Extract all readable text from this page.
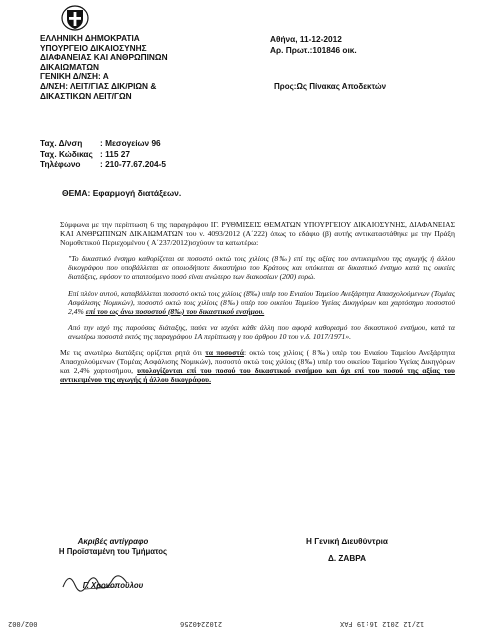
ΕΛΛΗΝΙΚΗ ΔΗΜΟΚΡΑΤΙΑ
ΥΠΟΥΡΓΕΙΟ ΔΙΚΑΙΟΣΥΝΗΣ
ΔΙΑΦΑΝΕΙΑΣ ΚΑΙ ΑΝΘΡΩΠΙΝΩΝ
ΔΙΚΑΙΩΜΑΤΩΝ
ΓΕΝΙΚΗ Δ/ΝΣΗ: Α
Δ/ΝΣΗ: ΛΕΙΤ/ΓΙΑΣ ΔΙΚ/ΡΙΩΝ &
ΔΙΚΑΣΤΙΚΩΝ ΛΕΙΤ/ΓΩΝ
Ταχ. Δ/νση	: Μεσογείων 96
Ταχ. Κώδικας : 115 27
Τηλέφωνο	: 210-77.67.204-5
Αθήνα, 11-12-2012
Αρ. Πρωτ.:101846 οικ.
Προς:Ως Πίνακας Αποδεκτών
ΘΕΜΑ: Εφαρμογή διατάξεων.

Σύμφωνα με την περίπτωση 6 της παραγράφου ΙΓ. ΡΥΘΜΙΣΕΙΣ ΘΕΜΑΤΩΝ ΥΠΟΥΡΓΕΙΟΥ ΔΙΚΑΙΟΣΥΝΗΣ, ΔΙΑΦΑΝΕΙΑΣ ΚΑΙ ΑΝΘΡΩΠΙΝΩΝ ΔΙΚΑΙΩΜΑΤΩΝ του ν. 4093/2012 (Α΄222) όπως το εδάφιο (β) αυτής αντικαταστάθηκε με την Πράξη Νομοθετικού Περιεχομένου ( Α΄237/2012)ισχύουν τα κατωτέρω:

"Το δικαστικό ένσημο καθορίζεται σε ποσοστό οκτώ τοις χιλίοις (8‰) επί της αξίας του αντικειμένου της αγωγής ή άλλου δικογράφου που υποβάλλεται σε οποιοδήποτε δικαστήριο του Κράτους και υπόκειται σε δικαστικό ένσημο κατά τις οικείες διατάξεις, εφόσον το απαιτούμενο ποσό είναι ανώτερο των διακοσίων (200) ευρώ.

Επί πλέον αυτού, καταβάλλεται ποσοστό οκτώ τοις χιλίοις (8‰) υπέρ του Ενιαίου Ταμείου Ανεξάρτητα Απασχολούμενων (Τομέας Ασφάλισης Νομικών), ποσοστό οκτώ τοις χιλίοις (8‰) υπέρ του οικείου Ταμείου Υγείας Δικηγόρων και χαρτόσημο ποσοστού 2,4% επί του ως άνω ποσοστού (8‰) του δικαστικού ενσήμου.

Από την ισχύ της παρούσας διάταξης, παύει να ισχύει κάθε άλλη που αφορά καθορισμό του δικαστικού ενσήμου, κατά τα ανωτέρω ποσοστά εκτός της παραγράφου 1Α περίπτωση γ του άρθρου 10 του ν.δ. 1017/1971».

Με τις ανωτέρω διατάξεις ορίζεται ρητά ότι τα ποσοστά: οκτώ τοις χιλίοις ( 8‰) υπέρ του Ενιαίου Ταμείου Ανεξάρτητα Απασχολούμενων (Τομέας Ασφάλισης Νομικών), ποσοστό οκτώ τοις χιλίοις (8‰) υπέρ του οικείου Ταμείου Υγείας Δικηγόρων και 2,4% χαρτοσήμου, υπολογίζονται επί του ποσού του δικαστικού ενσήμου και όχι επί του ποσού της αξίας του αντικειμένου της αγωγής ή άλλου δικογράφου.

Η Γενική Διευθύντρια
Δ. ΖΑΒΡΑ
Ακριβές αντίγραφο
Η Προϊσταμένη του Τμήματος
Γ. Χρονοπούλου
002/002	2102240256	12/12 2012 16:19 FAX
